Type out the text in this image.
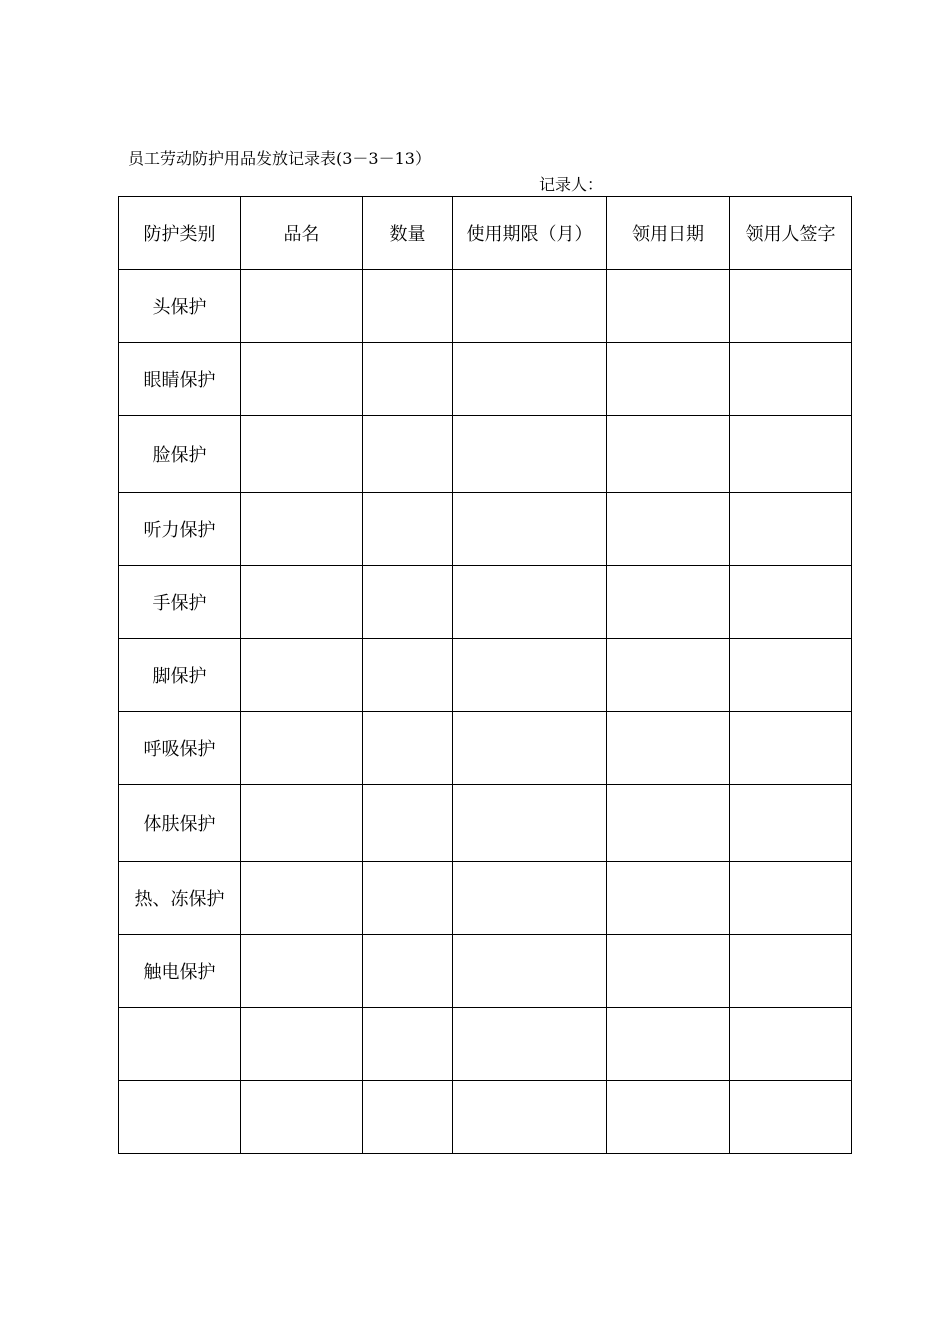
员工劳动防护用品发放记录表(3－3－13）
记录人：
防护类别	品名	数量	使用期限（月）	领用日期	领用人签字
头保护					
眼睛保护					
脸保护					
听力保护					
手保护					
脚保护					
呼吸保护					
体肤保护					
热、冻保护					
触电保护					
